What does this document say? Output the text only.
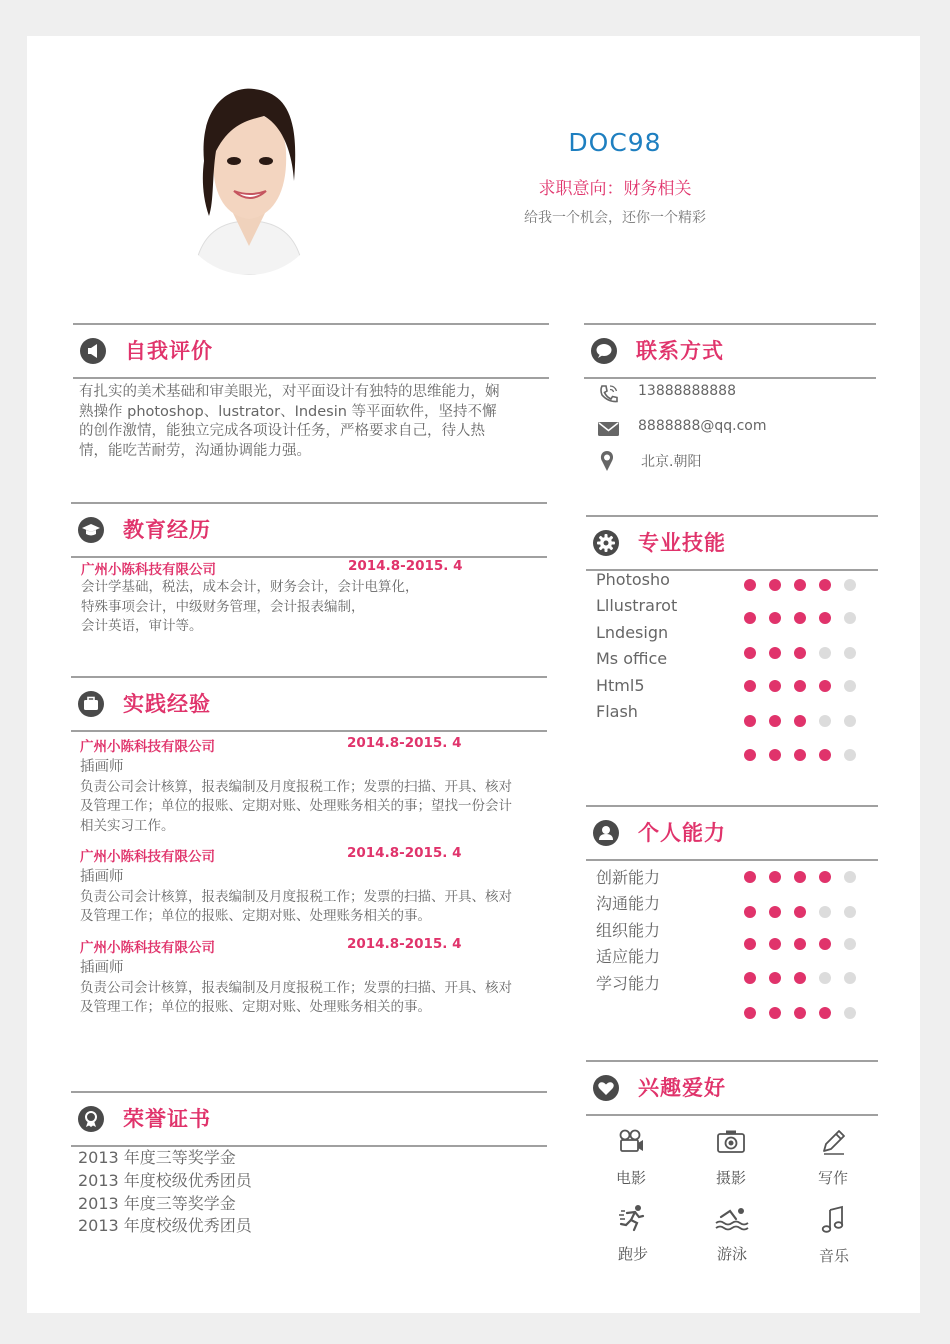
DOC98
求职意向：财务相关
给我一个机会，还你一个精彩
自我评价
有扎实的美术基础和审美眼光，对平面设计有独特的思维能力，娴
熟操作 photoshop、lustrator、Indesin 等平面软件，坚持不懈
的创作激情，能独立完成各项设计任务，严格要求自己，待人热
情，能吃苦耐劳，沟通协调能力强。
教育经历
广州小陈科技有限公司	2014.8-2015. 4
会计学基础，税法，成本会计，财务会计，会计电算化，
特殊事项会计，中级财务管理，会计报表编制，
会计英语，审计等。
实践经验
广州小陈科技有限公司	2014.8-2015. 4
插画师
负责公司会计核算，报表编制及月度报税工作；发票的扫描、开具、核对
及管理工作；单位的报账、定期对账、处理账务相关的事；望找一份会计
相关实习工作。
广州小陈科技有限公司	2014.8-2015. 4
插画师
负责公司会计核算，报表编制及月度报税工作；发票的扫描、开具、核对
及管理工作；单位的报账、定期对账、处理账务相关的事。
广州小陈科技有限公司	2014.8-2015. 4
插画师
负责公司会计核算，报表编制及月度报税工作；发票的扫描、开具、核对
及管理工作；单位的报账、定期对账、处理账务相关的事。
荣誉证书
2013 年度三等奖学金
2013 年度校级优秀团员
2013 年度三等奖学金
2013 年度校级优秀团员
联系方式
13888888888
8888888@qq.com
北京.朝阳
专业技能
Photosho
Lllustrarot
Lndesign
Ms office
Html5
Flash
个人能力
创新能力
沟通能力
组织能力
适应能力
学习能力
兴趣爱好
电影	摄影	写作
跑步	游泳	音乐
